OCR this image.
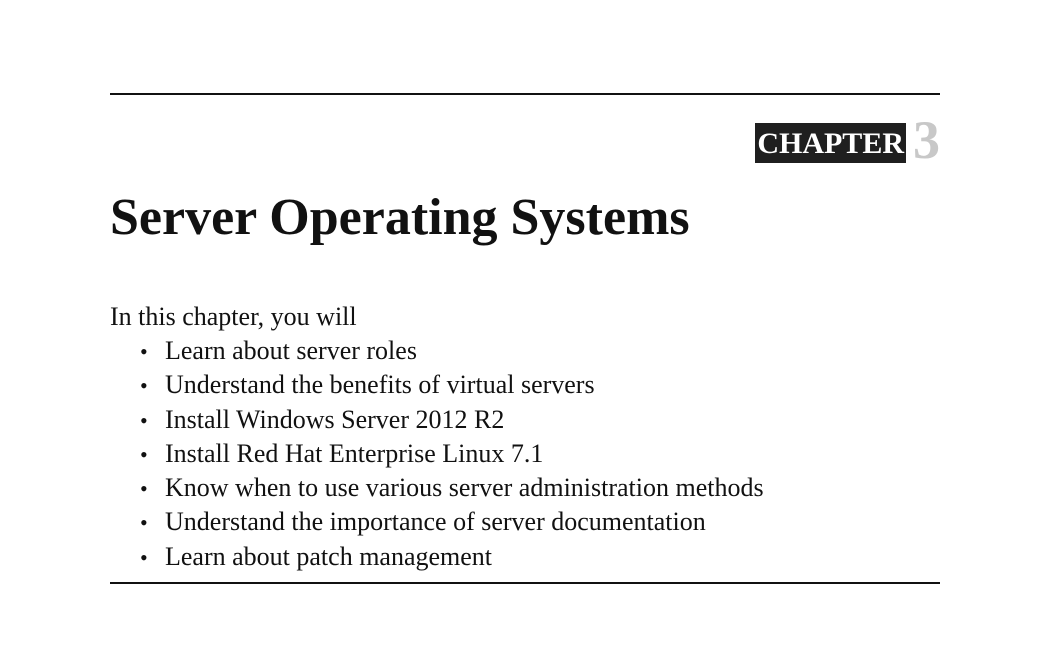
CHAPTER 3
Server Operating Systems

In this chapter, you will

• Learn about server roles
• Understand the benefits of virtual servers
• Install Windows Server 2012 R2
• Install Red Hat Enterprise Linux 7.1
• Know when to use various server administration methods
• Understand the importance of server documentation
• Learn about patch management
